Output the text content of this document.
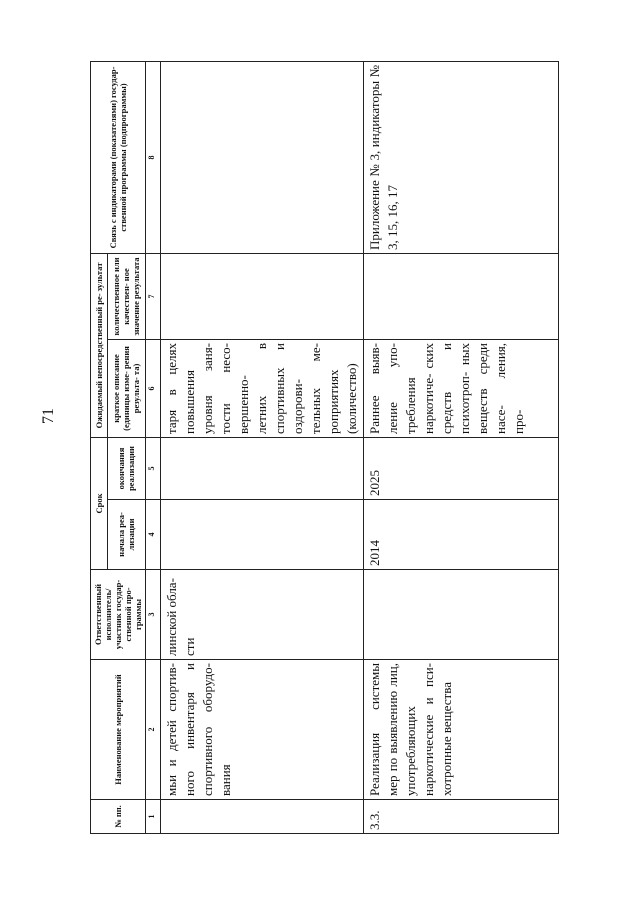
71
№ пп.	Наименование мероприятий	Ответственный исполнитель/ участник государ- ственной про- граммы	Срок		Ожидаемый непосредственный ре- зультат		Связь с индикаторами (показателями) государ- ственной программы (подпрограммы)
			начала реа- лизации	окончания реализации	краткое описание (единицы изме- рения результа- та)	количественное или качествен- ное значение результата	
1	2	3	4	5	6	7	8
	мьи и детей спортив- ного инвентаря и спортивного оборудо- вания	линской обла- сти			таря в целях повышения уровня заня- тости несо- вершенно- летних в спортивных и оздорови- тельных ме- роприятиях (количество)		
3.3.	Реализация системы мер по выявлению лиц, употребляющих наркотические и пси- хотропные вещества		2014	2025	Раннее выяв- ление упо- требления наркотиче- ских средств и психотроп- ных веществ среди насе- ления, про-		Приложение № 3, индикаторы № 3, 15, 16, 17
